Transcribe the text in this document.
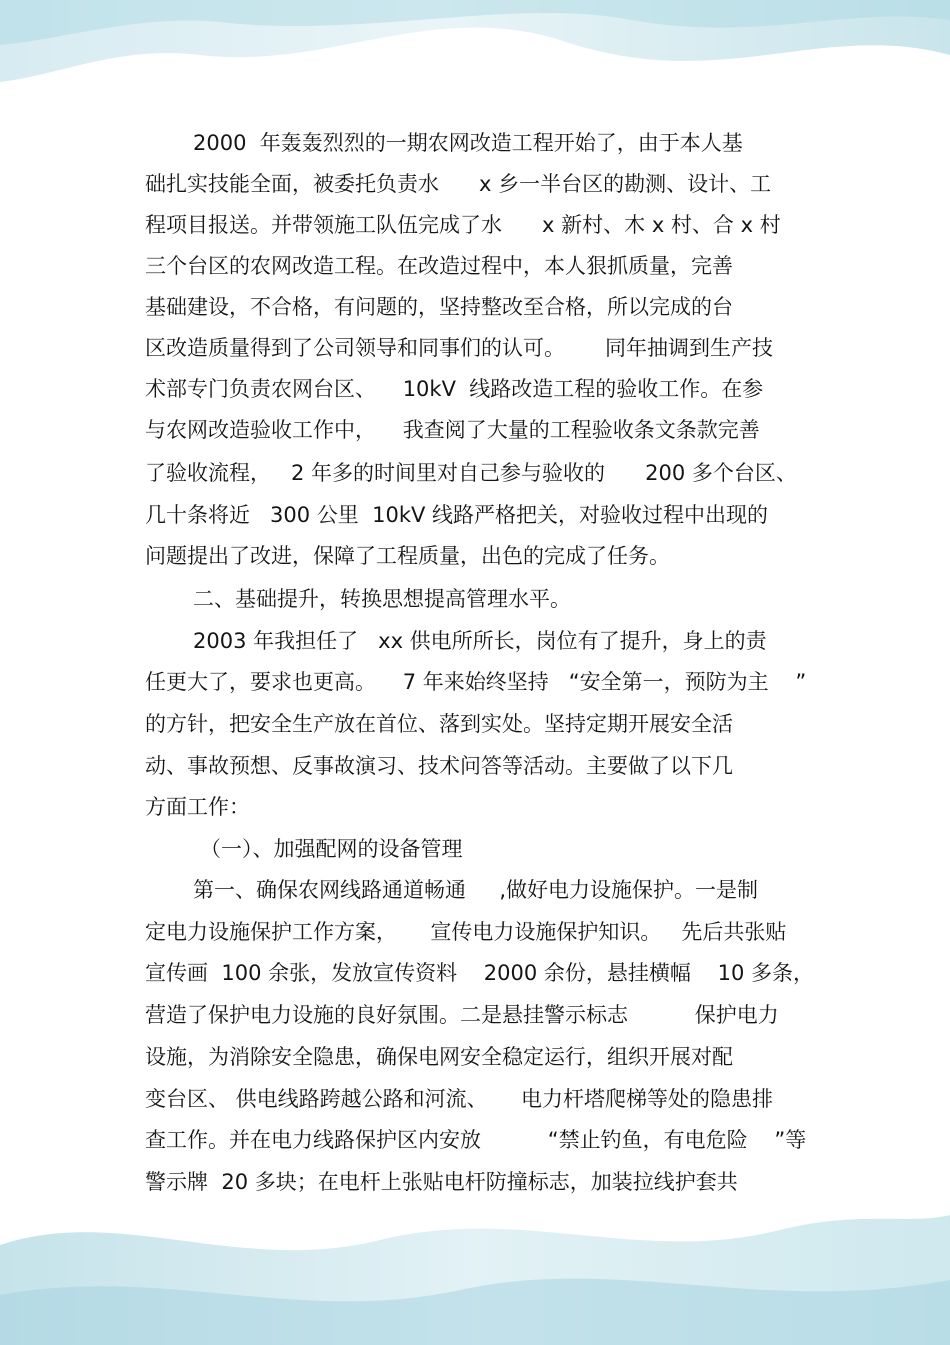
2000  年轰轰烈烈的一期农网改造工程开始了，由于本人基
础扎实技能全面，被委托负责水      x 乡一半台区的勘测、设计、工
程项目报送。并带领施工队伍完成了水      x 新村、木 x 村、合 x 村
三个台区的农网改造工程。在改造过程中，本人狠抓质量，完善
基础建设，不合格，有问题的，坚持整改至合格，所以完成的台
区改造质量得到了公司领导和同事们的认可。      同年抽调到生产技
术部专门负责农网台区、    10kV  线路改造工程的验收工作。在参
与农网改造验收工作中，    我查阅了大量的工程验收条文条款完善
了验收流程，   2 年多的时间里对自己参与验收的      200 多个台区、
几十条将近   300 公里  10kV 线路严格把关，对验收过程中出现的
问题提出了改进，保障了工程质量，出色的完成了任务。
二、基础提升，转换思想提高管理水平。
2003 年我担任了   xx 供电所所长，岗位有了提升，身上的责
任更大了，要求也更高。    7 年来始终坚持   “安全第一，预防为主    ”
的方针，把安全生产放在首位、落到实处。坚持定期开展安全活
动、事故预想、反事故演习、技术问答等活动。主要做了以下几
方面工作：
（一）、加强配网的设备管理
第一、确保农网线路通道畅通     ,做好电力设施保护。一是制
定电力设施保护工作方案，     宣传电力设施保护知识。   先后共张贴
宣传画  100 余张，发放宣传资料    2000 余份，悬挂横幅    10 多条，
营造了保护电力设施的良好氛围。二是悬挂警示标志          保护电力
设施，为消除安全隐患，确保电网安全稳定运行，组织开展对配
变台区、 供电线路跨越公路和河流、     电力杆塔爬梯等处的隐患排
查工作。并在电力线路保护区内安放          “禁止钓鱼，有电危险    ”等
警示牌  20 多块；在电杆上张贴电杆防撞标志，加装拉线护套共
